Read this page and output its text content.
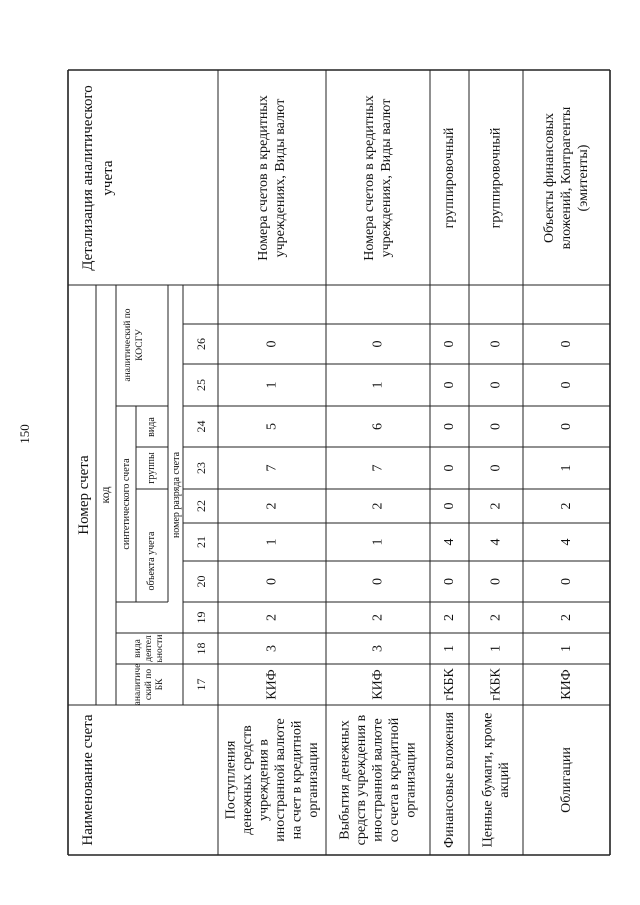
150
Наименование счета
Номер счета код синтетического счета
объекта учета
группы
вида
номер разряда счета
аналитиче ский по БК
вида деятел ьности
аналитический по КОСГУ
Детализация аналитического учета
17
18
19
20
21
22
23
24
25
26
Поступления денежных средств учреждения в иностранной валюте на счет в кредитной организации
КИФ
3
2
0
1
2
7
5
1
0
Номера счетов в кредитных учреждениях, Виды валют
Выбытия денежных средств учреждения в иностранной валюте со счета в кредитной организации
КИФ
3
2
0
1
2
7
6
1
0
Номера счетов в кредитных учреждениях, Виды валют
Финансовые вложения
гКБК
1
2
0
4
0
0
0
0
0
группировочный
Ценные бумаги, кроме акций
гКБК
1
2
0
4
2
0
0
0
0
группировочный
Облигации
КИФ
1
2
0
4
2
1
0
0
0
Объекты финансовых вложений, Контрагенты (эмитенты)
